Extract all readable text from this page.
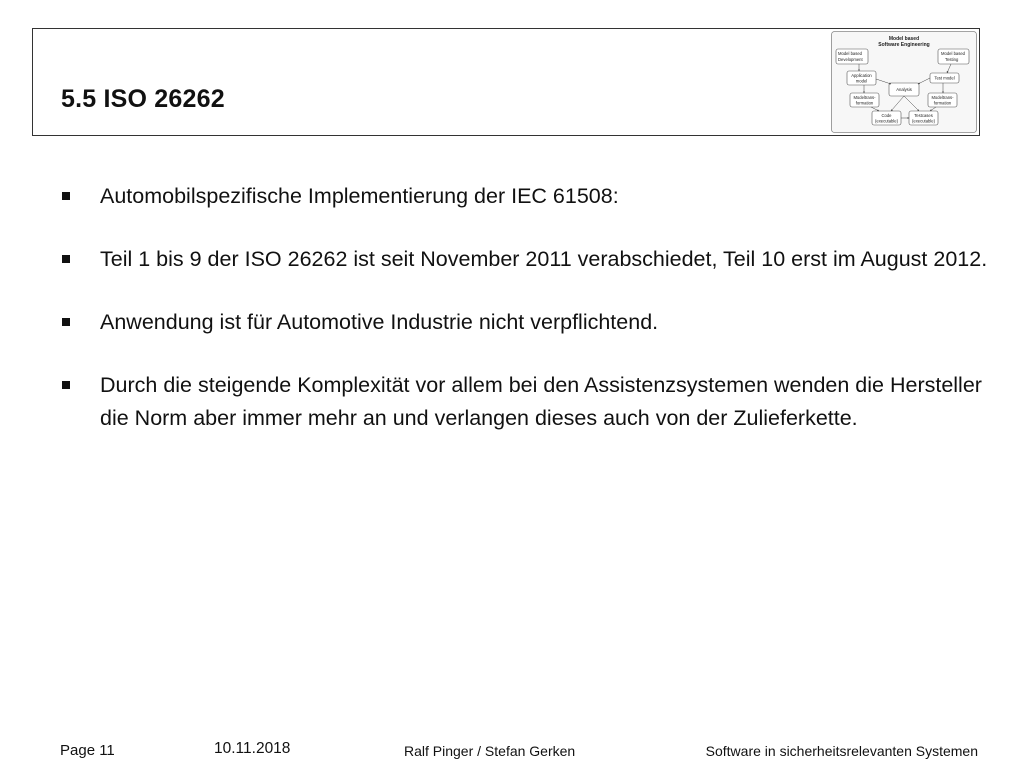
5.5 ISO 26262
Model based
Software Engineering
Model based
Development
Model based
Testing
Application
model
Test model
Analysis
Modeltrans-
formation
Modeltrans-
formation
Code
(executable)
Testcases
(executable)
Automobilspezifische Implementierung der IEC 61508:
Teil 1 bis 9 der ISO 26262 ist seit November 2011 verabschiedet, Teil 10 erst im August 2012.
Anwendung ist für Automotive Industrie nicht verpflichtend.
Durch die steigende Komplexität vor allem bei den Assistenzsystemen wenden die Hersteller die Norm aber immer mehr an und verlangen dieses auch von der Zulieferkette.
Page 11	10.11.2018	Ralf Pinger / Stefan Gerken	Software in sicherheitsrelevanten Systemen
